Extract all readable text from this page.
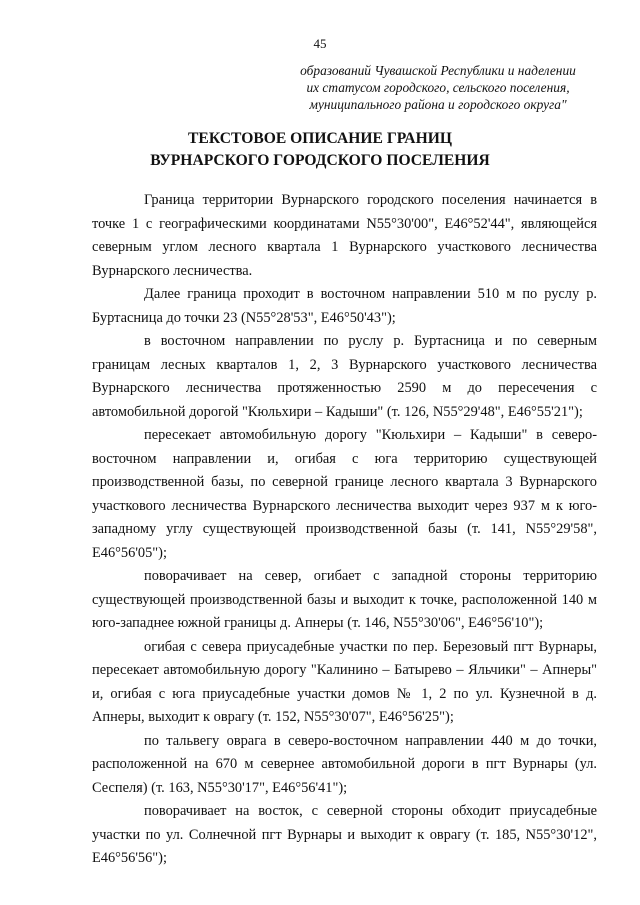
45
образований Чувашской Республики и наделении
их статусом городского, сельского поселения,
муниципального района и городского округа"
ТЕКСТОВОЕ ОПИСАНИЕ ГРАНИЦ
ВУРНАРСКОГО ГОРОДСКОГО ПОСЕЛЕНИЯ

Граница территории Вурнарского городского поселения начинается в точке 1 с географическими координатами N55°30'00", E46°52'44", являющейся северным углом лесного квартала 1 Вурнарского участкового лесничества Вурнарского лесничества.

Далее граница проходит в восточном направлении 510 м по руслу р. Буртасница до точки 23 (N55°28'53", E46°50'43");

в восточном направлении по руслу р. Буртасница и по северным границам лесных кварталов 1, 2, 3 Вурнарского участкового лесничества Вурнарского лесничества протяженностью 2590 м до пересечения с автомобильной дорогой "Кюльхири – Кадыши" (т. 126, N55°29'48", E46°55'21");

пересекает автомобильную дорогу "Кюльхири – Кадыши" в северо-восточном направлении и, огибая с юга территорию существующей производственной базы, по северной границе лесного квартала 3 Вурнарского участкового лесничества Вурнарского лесничества выходит через 937 м к юго-западному углу существующей производственной базы (т. 141, N55°29'58", E46°56'05");

поворачивает на север, огибает с западной стороны территорию существующей производственной базы и выходит к точке, расположенной 140 м юго-западнее южной границы д. Апнеры (т. 146, N55°30'06", E46°56'10");

огибая с севера приусадебные участки по пер. Березовый пгт Вурнары, пересекает автомобильную дорогу "Калинино – Батырево – Яльчики" – Апнеры" и, огибая с юга приусадебные участки домов № 1, 2 по ул. Кузнечной в д. Апнеры, выходит к оврагу (т. 152, N55°30'07", E46°56'25");

по тальвегу оврага в северо-восточном направлении 440 м до точки, расположенной на 670 м севернее автомобильной дороги в пгт Вурнары (ул. Сеспеля) (т. 163, N55°30'17", E46°56'41");

поворачивает на восток, с северной стороны обходит приусадебные участки по ул. Солнечной пгт Вурнары и выходит к оврагу (т. 185, N55°30'12", E46°56'56");
